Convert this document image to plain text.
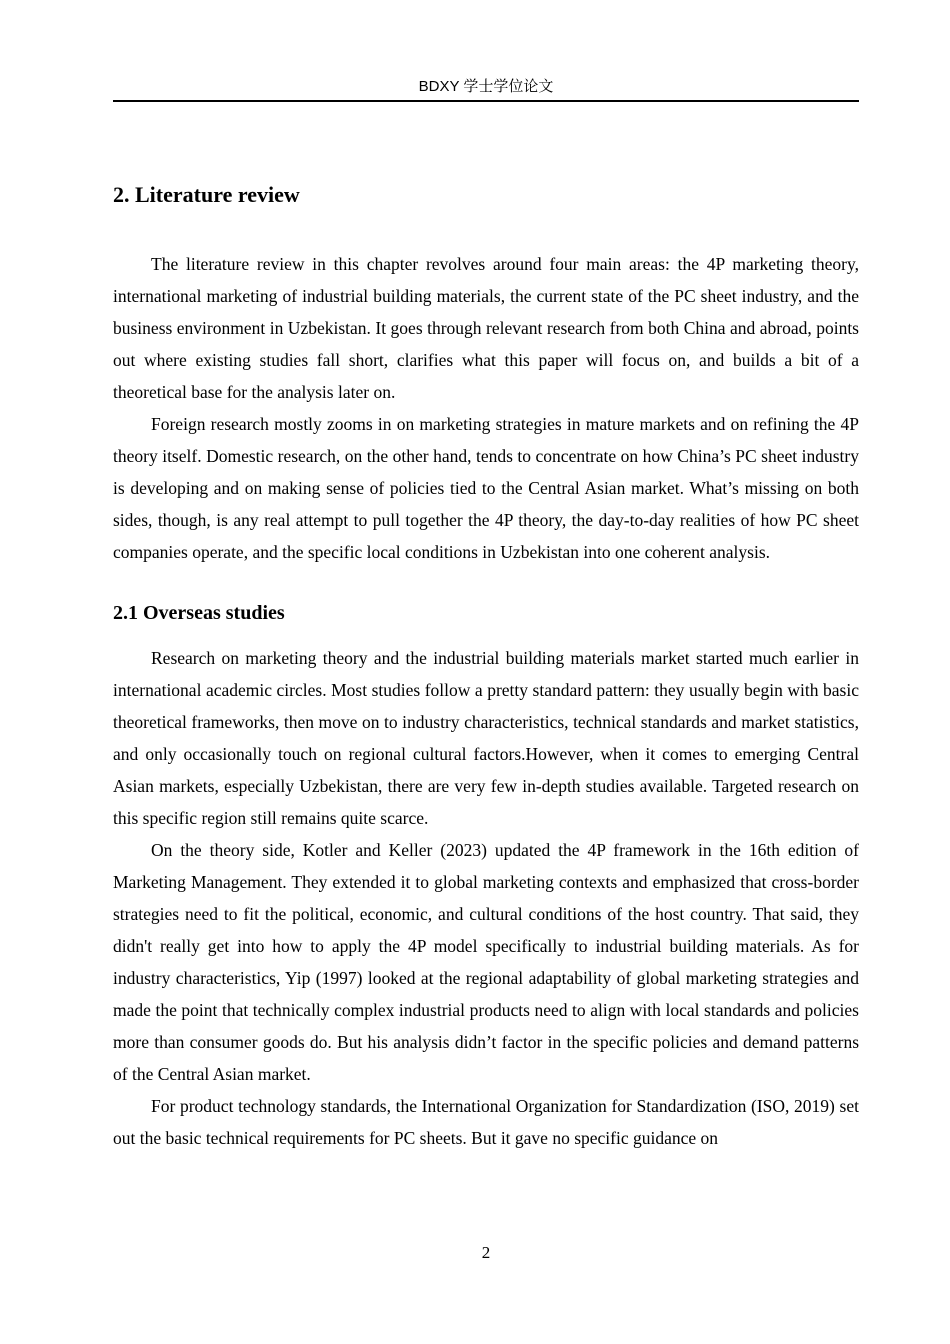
BDXY 学士学位论文
2. Literature review

The literature review in this chapter revolves around four main areas: the 4P marketing theory, international marketing of industrial building materials, the current state of the PC sheet industry, and the business environment in Uzbekistan. It goes through relevant research from both China and abroad, points out where existing studies fall short, clarifies what this paper will focus on, and builds a bit of a theoretical base for the analysis later on.

Foreign research mostly zooms in on marketing strategies in mature markets and on refining the 4P theory itself. Domestic research, on the other hand, tends to concentrate on how China’s PC sheet industry is developing and on making sense of policies tied to the Central Asian market. What’s missing on both sides, though, is any real attempt to pull together the 4P theory, the day-to-day realities of how PC sheet companies operate, and the specific local conditions in Uzbekistan into one coherent analysis.

2.1 Overseas studies

Research on marketing theory and the industrial building materials market started much earlier in international academic circles. Most studies follow a pretty standard pattern: they usually begin with basic theoretical frameworks, then move on to industry characteristics, technical standards and market statistics, and only occasionally touch on regional cultural factors.However, when it comes to emerging Central Asian markets, especially Uzbekistan, there are very few in-depth studies available. Targeted research on this specific region still remains quite scarce.

On the theory side, Kotler and Keller (2023) updated the 4P framework in the 16th edition of Marketing Management. They extended it to global marketing contexts and emphasized that cross-border strategies need to fit the political, economic, and cultural conditions of the host country. That said, they didn't really get into how to apply the 4P model specifically to industrial building materials. As for industry characteristics, Yip (1997) looked at the regional adaptability of global marketing strategies and made the point that technically complex industrial products need to align with local standards and policies more than consumer goods do. But his analysis didn’t factor in the specific policies and demand patterns of the Central Asian market.

For product technology standards, the International Organization for Standardization (ISO, 2019) set out the basic technical requirements for PC sheets. But it gave no specific guidance on

2
